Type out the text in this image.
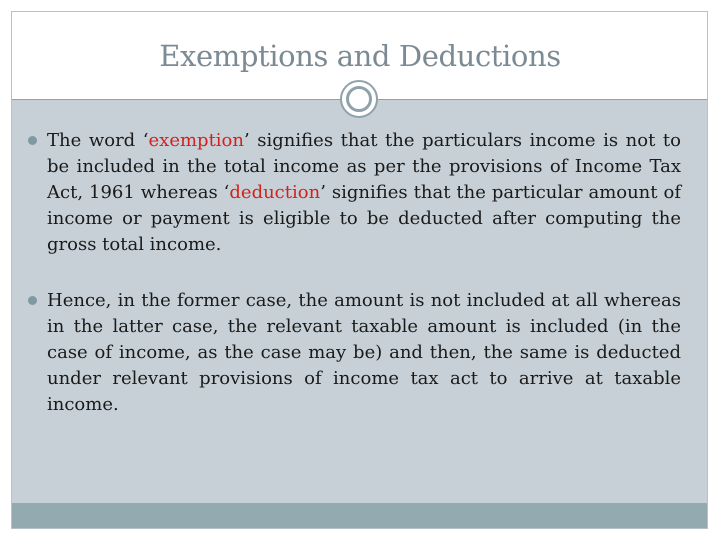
Exemptions and Deductions

The word ‘exemption’ signifies that the particulars income is not to be included in the total income as per the provisions of Income Tax Act, 1961 whereas ‘deduction’ signifies that the particular amount of income or payment is eligible to be deducted after computing the gross total income.

Hence, in the former case, the amount is not included at all whereas in the latter case, the relevant taxable amount is included (in the case of income, as the case may be) and then, the same is deducted under relevant provisions of income tax act to arrive at taxable income.
